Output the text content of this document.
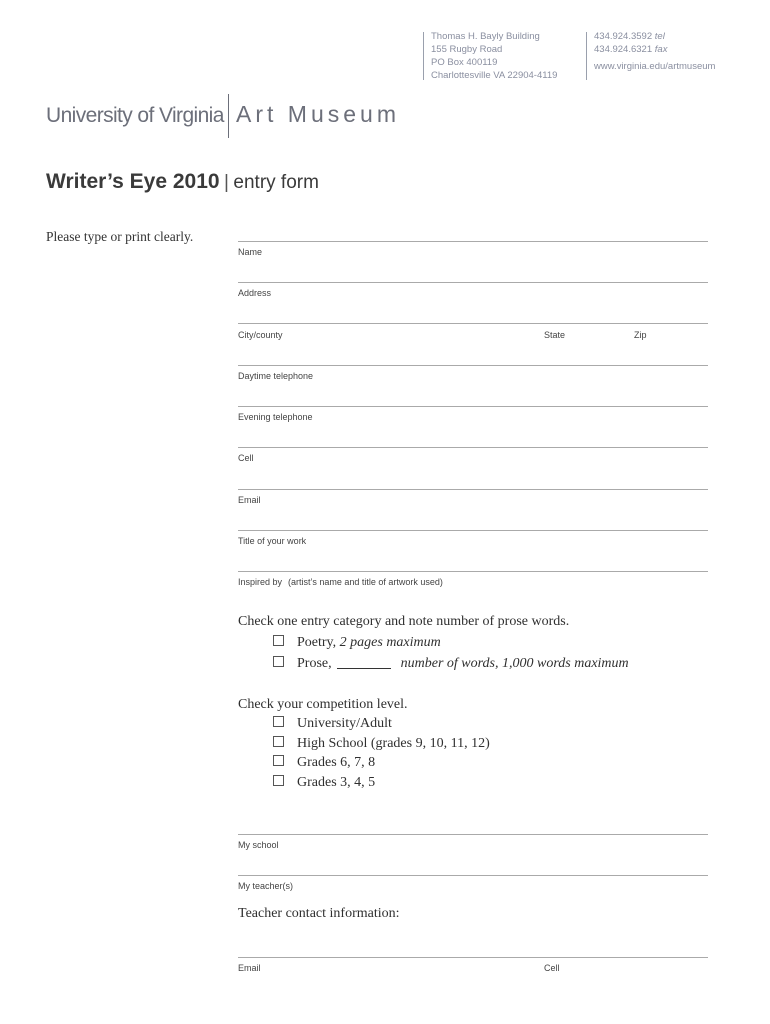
Thomas H. Bayly Building
155 Rugby Road
PO Box 400119
Charlottesville VA 22904-4119
434.924.3592 tel
434.924.6321 fax
www.virginia.edu/artmuseum
University of Virginia Art Museum
Writer’s Eye 2010 | entry form
Please type or print clearly.
Name
Address
City/county	State	Zip
Daytime telephone
Evening telephone
Cell
Email
Title of your work
Inspired by (artist’s name and title of artwork used)
Check one entry category and note number of prose words.
Poetry, 2 pages maximum
Prose,	number of words, 1,000 words maximum
Check your competition level.
University/Adult
High School (grades 9, 10, 11, 12)
Grades 6, 7, 8
Grades 3, 4, 5
My school
My teacher(s)
Teacher contact information:
Email	Cell
